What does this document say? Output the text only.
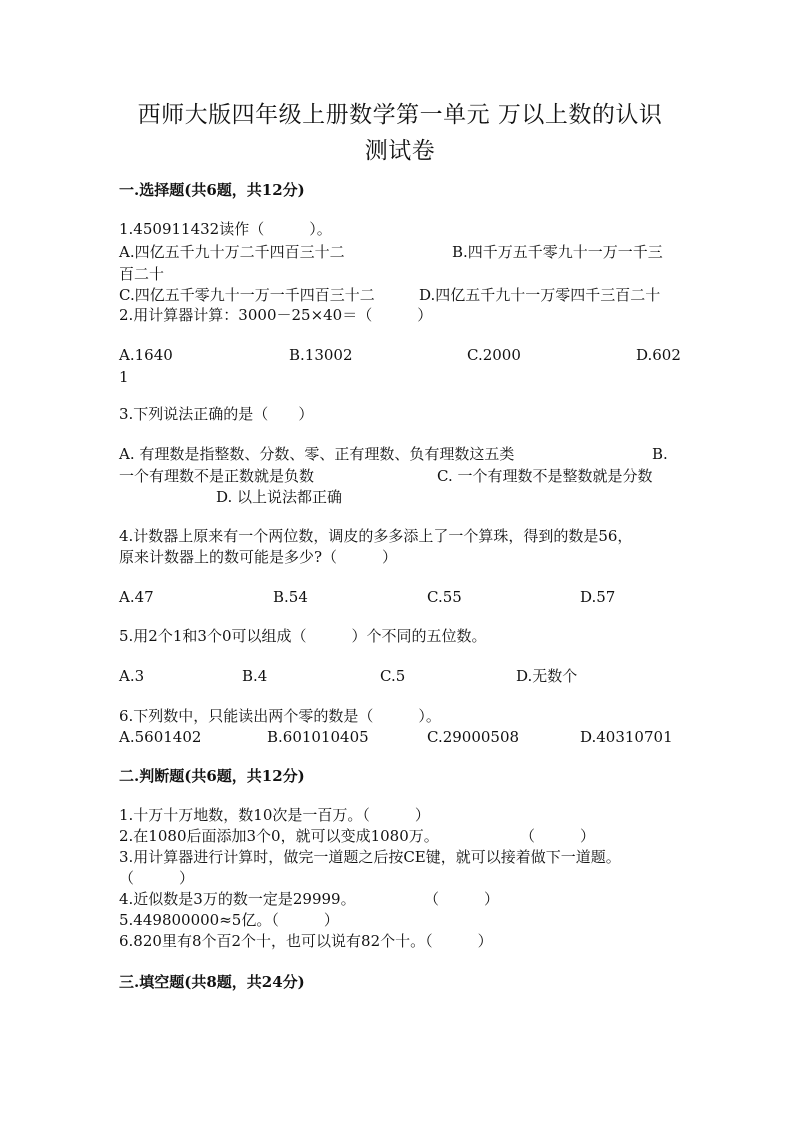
西师大版四年级上册数学第一单元 万以上数的认识
测试卷
一.选择题(共6题，共12分)
1.450911432读作（　　　）。
A.四亿五千九十万二千四百三十二	B.四千万五千零九十一万一千三
百二十
C.四亿五千零九十一万一千四百三十二	D.四亿五千九十一万零四千三百二十
2.用计算器计算：3000－25×40＝（　　　）
A.1640	B.13002	C.2000	D.602
1
3.下列说法正确的是（　　）
A. 有理数是指整数、分数、零、正有理数、负有理数这五类	B.
一个有理数不是正数就是负数	C. 一个有理数不是整数就是分数
D. 以上说法都正确
4.计数器上原来有一个两位数，调皮的多多添上了一个算珠，得到的数是56，
原来计数器上的数可能是多少?（　　　）
A.47	B.54	C.55	D.57
5.用2个1和3个0可以组成（　　　）个不同的五位数。
A.3	B.4	C.5	D.无数个
6.下列数中，只能读出两个零的数是（　　　）。
A.5601402	B.601010405	C.29000508	D.40310701
二.判断题(共6题，共12分)
1.十万十万地数，数10次是一百万。（　　　）
2.在1080后面添加3个0，就可以变成1080万。	（　　　）
3.用计算器进行计算时，做完一道题之后按CE键，就可以接着做下一道题。
（　　　）
4.近似数是3万的数一定是29999。	（　　　）
5.449800000≈5亿。（　　　）
6.820里有8个百2个十，也可以说有82个十。（　　　）
三.填空题(共8题，共24分)
